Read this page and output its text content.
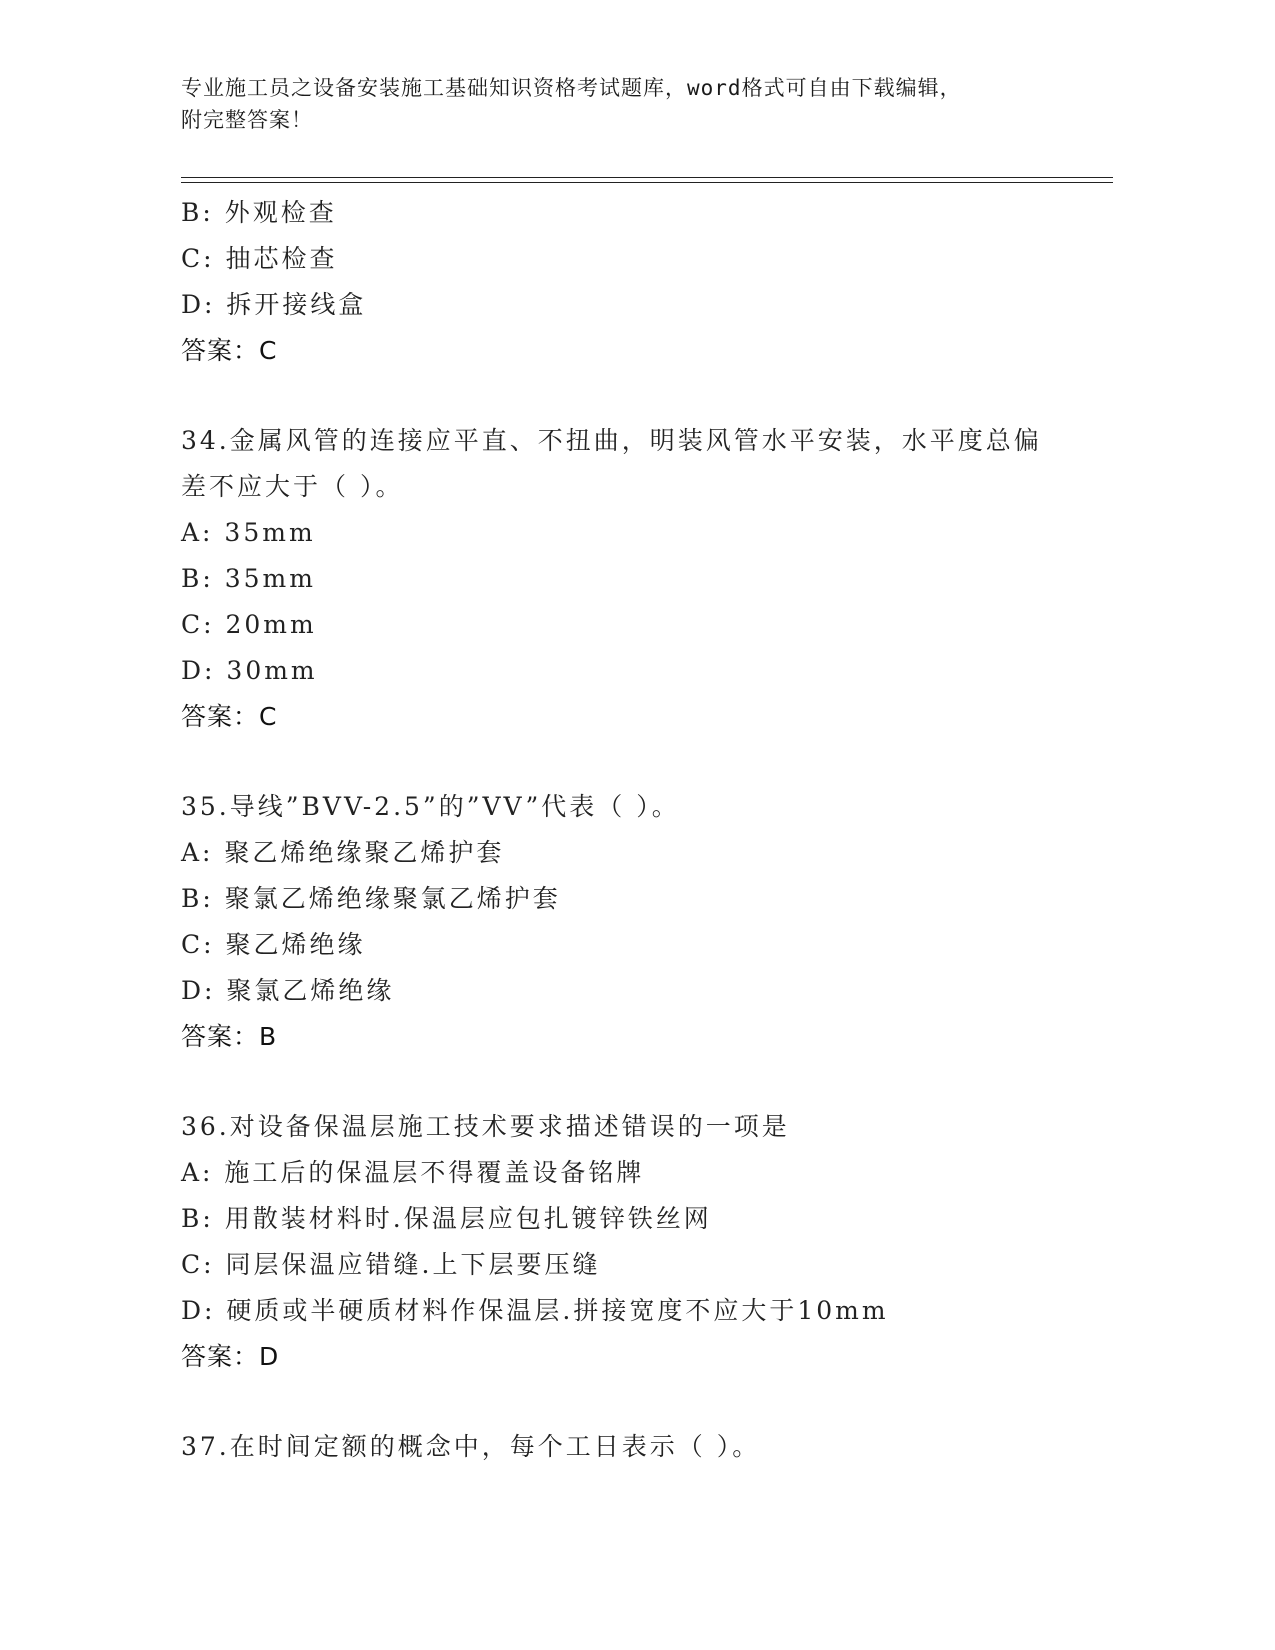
专业施工员之设备安装施工基础知识资格考试题库，word格式可自由下载编辑，
附完整答案！
B: 外观检查
C: 抽芯检查
D: 拆开接线盒
答案：C
34.金属风管的连接应平直、不扭曲，明装风管水平安装，水平度总偏
差不应大于（ ）。
A: 35mm
B: 35mm
C: 20mm
D: 30mm
答案：C
35.导线”BVV-2.5”的”VV”代表（ ）。
A: 聚乙烯绝缘聚乙烯护套
B: 聚氯乙烯绝缘聚氯乙烯护套
C: 聚乙烯绝缘
D: 聚氯乙烯绝缘
答案：B
36.对设备保温层施工技术要求描述错误的一项是
A: 施工后的保温层不得覆盖设备铭牌
B: 用散装材料时.保温层应包扎镀锌铁丝网
C: 同层保温应错缝.上下层要压缝
D: 硬质或半硬质材料作保温层.拼接宽度不应大于10mm
答案：D
37.在时间定额的概念中，每个工日表示（ ）。
